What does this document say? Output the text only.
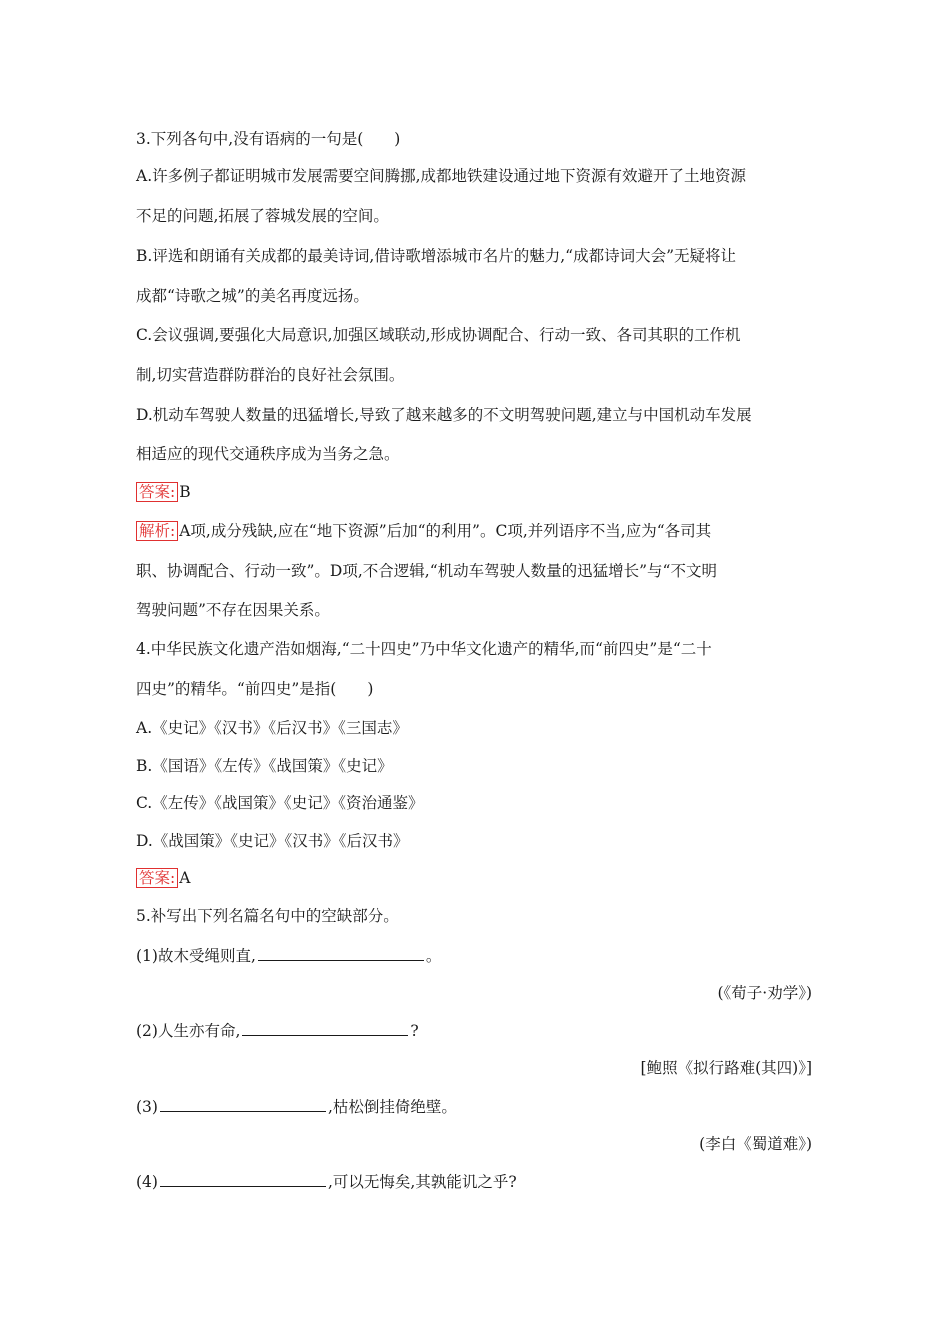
3.下列各句中,没有语病的一句是(　　)
A.许多例子都证明城市发展需要空间腾挪,成都地铁建设通过地下资源有效避开了土地资源
不足的问题,拓展了蓉城发展的空间。
B.评选和朗诵有关成都的最美诗词,借诗歌增添城市名片的魅力,“成都诗词大会”无疑将让
成都“诗歌之城”的美名再度远扬。
C.会议强调,要强化大局意识,加强区域联动,形成协调配合、行动一致、各司其职的工作机
制,切实营造群防群治的良好社会氛围。
D.机动车驾驶人数量的迅猛增长,导致了越来越多的不文明驾驶问题,建立与中国机动车发展
相适应的现代交通秩序成为当务之急。
答案: B
解析: A项,成分残缺,应在“地下资源”后加“的利用”。C项,并列语序不当,应为“各司其
职、协调配合、行动一致”。D项,不合逻辑,“机动车驾驶人数量的迅猛增长”与“不文明
驾驶问题”不存在因果关系。
4.中华民族文化遗产浩如烟海,“二十四史”乃中华文化遗产的精华,而“前四史”是“二十
四史”的精华。“前四史”是指(　　)
A.《史记》《汉书》《后汉书》《三国志》
B.《国语》《左传》《战国策》《史记》
C.《左传》《战国策》《史记》《资治通鉴》
D.《战国策》《史记》《汉书》《后汉书》
答案: A
5.补写出下列名篇名句中的空缺部分。
(1)故木受绳则直,	。
(《荀子·劝学》)
(2)人生亦有命,	?
[鲍照《拟行路难(其四)》]
(3)	,枯松倒挂倚绝壁。
(李白《蜀道难》)
(4)	,可以无悔矣,其孰能讥之乎?
